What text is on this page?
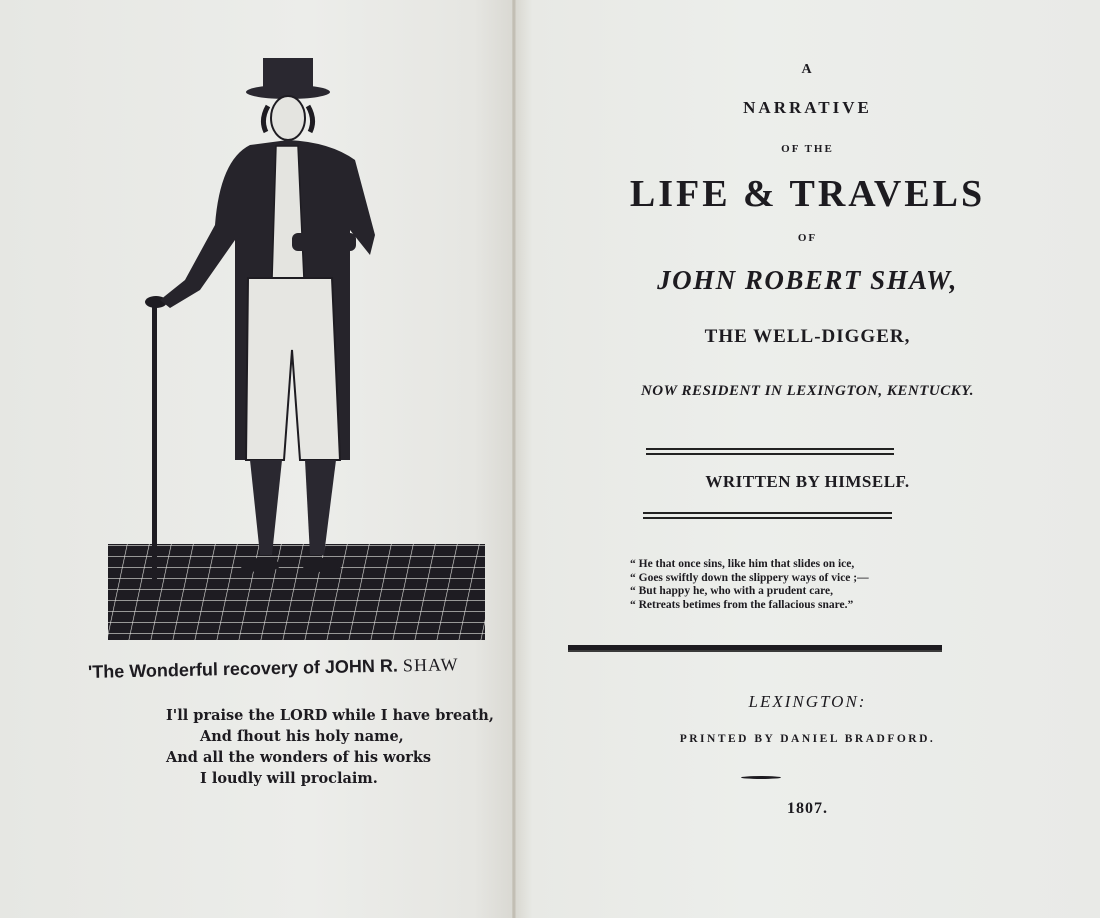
'The Wonderful recovery of JOHN R. SHAW
I'll praise the LORD while I have breath,
And ſhout his holy name,
And all the wonders of his works
I loudly will proclaim.
A
NARRATIVE
OF THE
LIFE & TRAVELS
OF
JOHN ROBERT SHAW,
THE WELL-DIGGER,
NOW RESIDENT IN LEXINGTON, KENTUCKY.
WRITTEN BY HIMSELF.
“ He that once sins, like him that slides on ice,
“ Goes swiftly down the slippery ways of vice ;—
“ But happy he, who with a prudent care,
“ Retreats betimes from the fallacious snare.”
LEXINGTON:
PRINTED BY DANIEL BRADFORD.
1807.
